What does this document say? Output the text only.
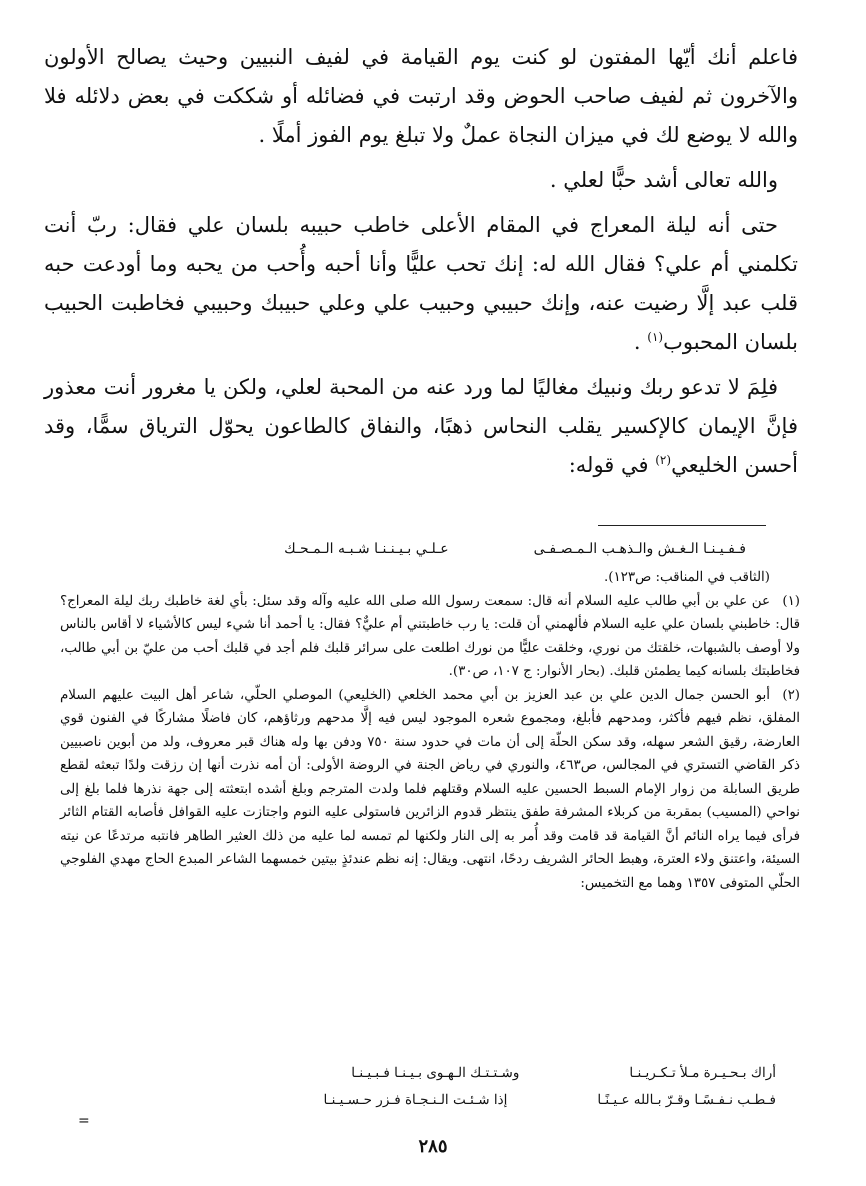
فاعلم أنك أيّها المفتون لو كنت يوم القيامة في لفيف النبيين وحيث يصالح الأولون والآخرون ثم لفيف صاحب الحوض وقد ارتبت في فضائله أو شككت في بعض دلائله فلا والله لا يوضع لك في ميزان النجاة عملٌ ولا تبلغ يوم الفوز أملًا .

والله تعالى أشد حبًّا لعلي .

حتى أنه ليلة المعراج في المقام الأعلى خاطب حبيبه بلسان علي فقال: ربّ أنت تكلمني أم علي؟ فقال الله له: إنك تحب عليًّا وأنا أحبه وأُحب من يحبه وما أودعت حبه قلب عبد إلَّا رضيت عنه، وإنك حبيبي وحبيب علي وعلي حبيبك وحبيبي فخاطبت الحبيب بلسان المحبوب$^{(١)}$ .

فلِمَ لا تدعو ربك ونبيك مغاليًا لما ورد عنه من المحبة لعلي، ولكن يا مغرور أنت معذور فإنَّ الإيمان كالإكسير يقلب النحاس ذهبًا، والنفاق كالطاعون يحوّل الترياق سمًّا، وقد أحسن الخليعي$^{(٢)}$ في قوله:

فـفـيـنـا الـغـش والـذهـب الـمـصـفـى
عـلـي بـيـنـنـا شـبـه الـمـحـك

(الثاقب في المناقب: ص١٢٣).

(١)عن علي بن أبي طالب عليه السلام أنه قال: سمعت رسول الله صلى الله عليه وآله وقد سئل: بأي لغة خاطبك ربك ليلة المعراج؟ قال: خاطبني بلسان علي عليه السلام فألهمني أن قلت: يا رب خاطبتني أم عليٌّ؟ فقال: يا أحمد أنا شيء ليس كالأشياء لا أقاس بالناس ولا أوصف بالشبهات، خلقتك من نوري، وخلقت عليًّا من نورك اطلعت على سرائر قلبك فلم أجد في قلبك أحب من عليّ بن أبي طالب، فخاطبتك بلسانه كيما يطمئن قلبك. (بحار الأنوار: ج ١٠٧، ص٣٠).

(٢)أبو الحسن جمال الدين علي بن عبد العزيز بن أبي محمد الخلعي (الخليعي) الموصلي الحلّي، شاعر أهل البيت عليهم السلام المفلق، نظم فيهم فأكثر، ومدحهم فأبلغ، ومجموع شعره الموجود ليس فيه إلَّا مدحهم ورثاؤهم، كان فاضلًا مشاركًا في الفنون قوي العارضة، رقيق الشعر سهله، وقد سكن الحلّة إلى أن مات في حدود سنة ٧٥٠ ودفن بها وله هناك قبر معروف، ولد من أبوين ناصبيين ذكر القاضي التستري في المجالس، ص٤٦٣، والنوري في رياض الجنة في الروضة الأولى: أن أمه نذرت أنها إن رزقت ولدًا تبعثه لقطع طريق السابلة من زوار الإمام السبط الحسين عليه السلام وقتلهم فلما ولدت المترجم وبلغ أشده ابتعثته إلى جهة نذرها فلما بلغ إلى نواحي (المسيب) بمقربة من كربلاء المشرفة طفق ينتظر قدوم الزائرين فاستولى عليه النوم واجتازت عليه القوافل فأصابه القتام الثائر فرأى فيما يراه النائم أنَّ القيامة قد قامت وقد أُمر به إلى النار ولكنها لم تمسه لما عليه من ذلك العثير الطاهر فانتبه مرتدعًا عن نيته السيئة، واعتنق ولاء العترة، وهبط الحائر الشريف ردحًا، انتهى. ويقال: إنه نظم عندئذٍ بيتين خمسهما الشاعر المبدع الحاج مهدي الفلوجي الحلّي المتوفى ١٣٥٧ وهما مع التخميس:

أراك بـحـيـرة مـلأ تـكـريـنـا
وشـتـتـك الـهـوى بـيـنـا فـبـيـنـا
فـطـب نـفـسًـا وقـرّ بـالله عـيـنًـا
إذا شـئـت الـنـجـاة فـزر حـسـيـنـا
=
٢٨٥
